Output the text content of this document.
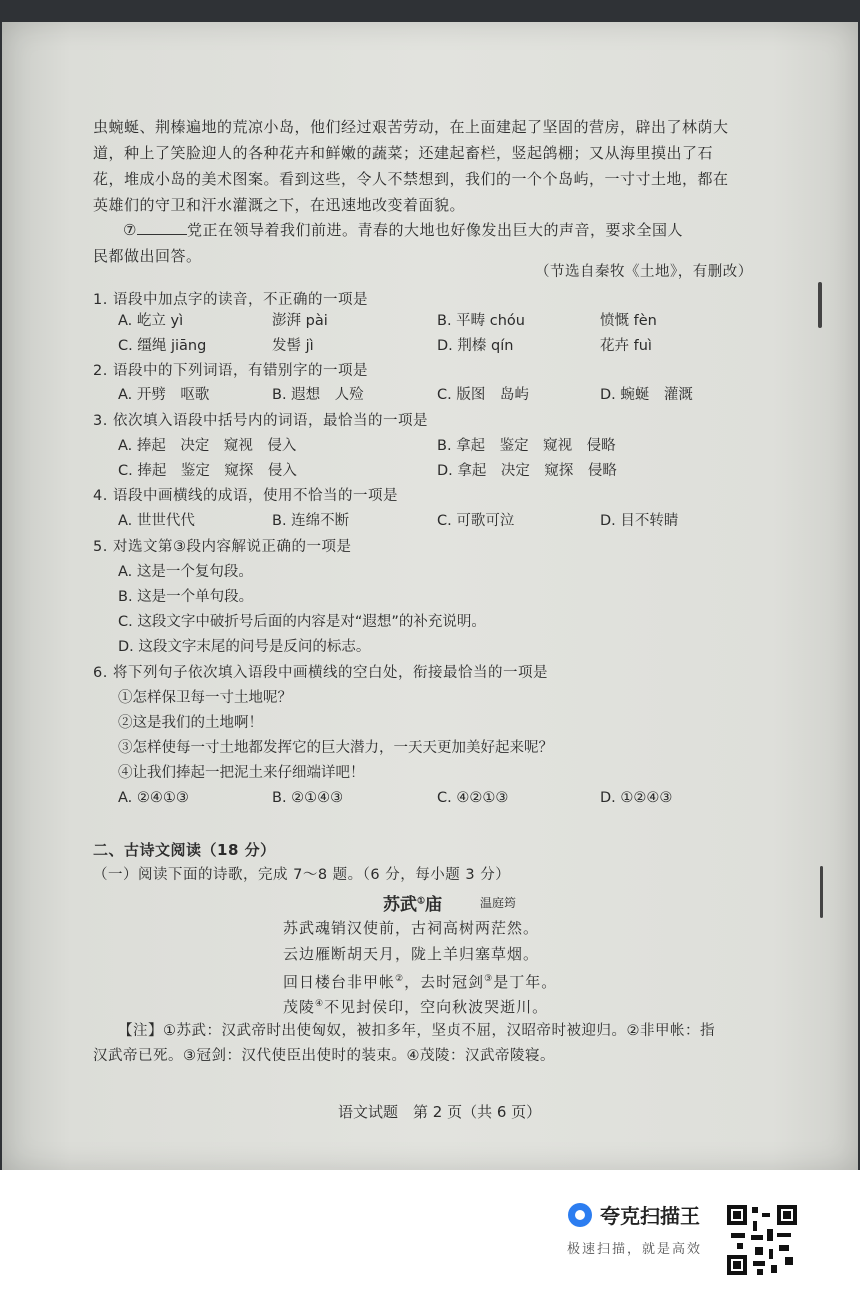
虫蜿蜒、荆榛遍地的荒凉小岛，他们经过艰苦劳动，在上面建起了坚固的营房，辟出了林荫大
道，种上了笑脸迎人的各种花卉和鲜嫩的蔬菜；还建起畜栏，竖起鸽棚；又从海里摸出了石
花，堆成小岛的美术图案。看到这些，令人不禁想到，我们的一个个岛屿，一寸寸土地，都在
英雄们的守卫和汗水灌溉之下，在迅速地改变着面貌。
⑦	党正在领导着我们前进。青春的大地也好像发出巨大的声音，要求全国人
民都做出回答。
（节选自秦牧《土地》，有删改）
1. 语段中加点字的读音，不正确的一项是
A. 屹立 yì	澎湃 pài	B. 平畴 chóu	愤慨 fèn
C. 缰绳 jiāng	发髻 jì	D. 荆榛 qín	花卉 fuì
2. 语段中的下列词语，有错别字的一项是
A. 开劈　呕歌	B. 遐想　人殓	C. 版图　岛屿	D. 蜿蜒　灌溉
3. 依次填入语段中括号内的词语，最恰当的一项是
A. 捧起　决定　窥视　侵入	B. 拿起　鉴定　窥视　侵略
C. 捧起　鉴定　窥探　侵入	D. 拿起　决定　窥探　侵略
4. 语段中画横线的成语，使用不恰当的一项是
A. 世世代代	B. 连绵不断	C. 可歌可泣	D. 目不转睛
5. 对选文第③段内容解说正确的一项是
A. 这是一个复句段。
B. 这是一个单句段。
C. 这段文字中破折号后面的内容是对“遐想”的补充说明。
D. 这段文字末尾的问号是反问的标志。
6. 将下列句子依次填入语段中画横线的空白处，衔接最恰当的一项是
①怎样保卫每一寸土地呢？
②这是我们的土地啊！
③怎样使每一寸土地都发挥它的巨大潜力，一天天更加美好起来呢？
④让我们捧起一把泥土来仔细端详吧！
A. ②④①③	B. ②①④③	C. ④②①③	D. ①②④③
二、古诗文阅读（18 分）
（一）阅读下面的诗歌，完成 7～8 题。（6 分，每小题 3 分）
苏武①庙	温庭筠
苏武魂销汉使前，古祠高树两茫然。
云边雁断胡天月，陇上羊归塞草烟。
回日楼台非甲帐②，去时冠剑③是丁年。
茂陵④不见封侯印，空向秋波哭逝川。
【注】①苏武：汉武帝时出使匈奴，被扣多年，坚贞不屈，汉昭帝时被迎归。②非甲帐：指
汉武帝已死。③冠剑：汉代使臣出使时的装束。④茂陵：汉武帝陵寝。
语文试题　第 2 页（共 6 页）
夸克扫描王
极速扫描，就是高效
